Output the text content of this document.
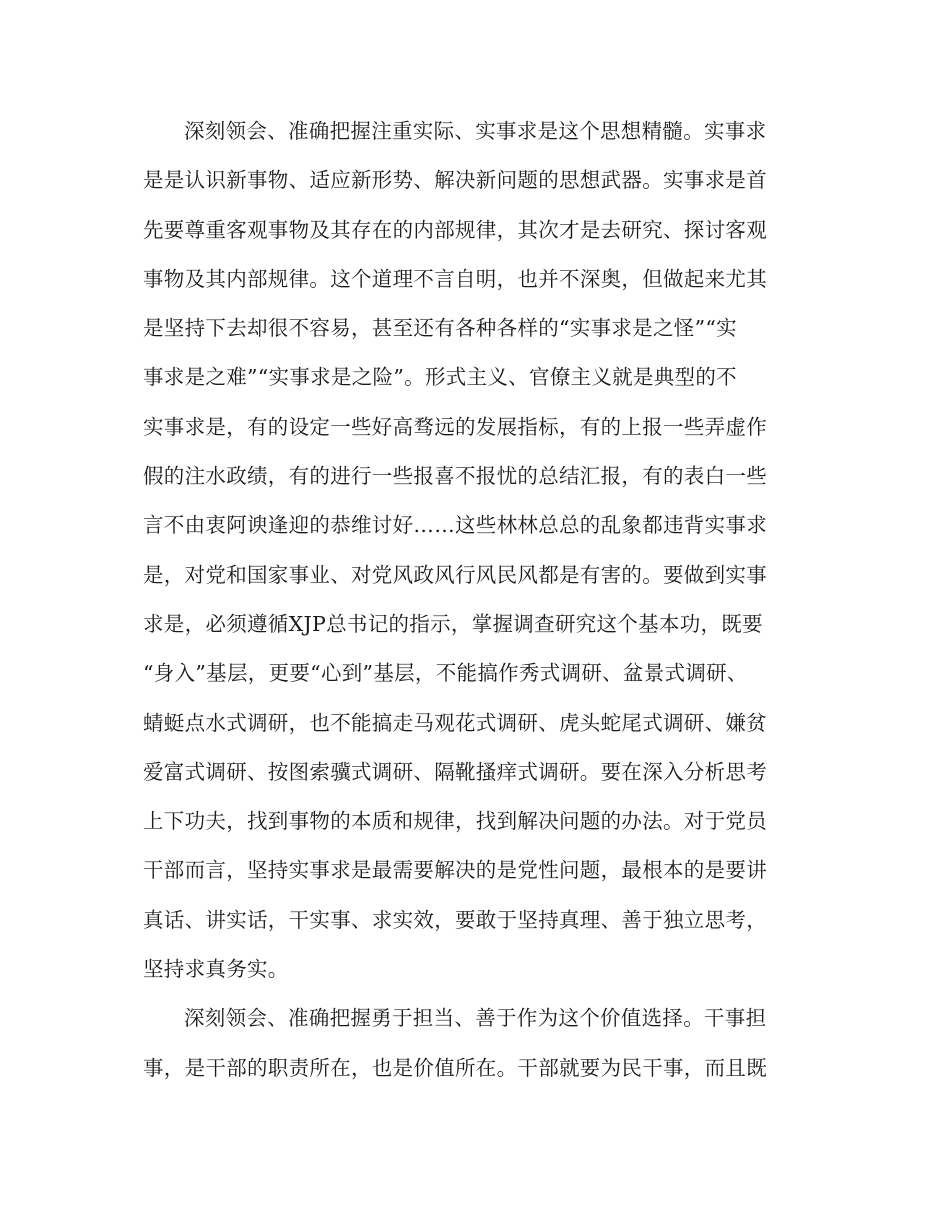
深刻领会、准确把握注重实际、实事求是这个思想精髓。实事求
是是认识新事物、适应新形势、解决新问题的思想武器。实事求是首
先要尊重客观事物及其存在的内部规律，其次才是去研究、探讨客观
事物及其内部规律。这个道理不言自明，也并不深奥，但做起来尤其
是坚持下去却很不容易，甚至还有各种各样的“实事求是之怪”“实
事求是之难”“实事求是之险”。形式主义、官僚主义就是典型的不
实事求是，有的设定一些好高骛远的发展指标，有的上报一些弄虚作
假的注水政绩，有的进行一些报喜不报忧的总结汇报，有的表白一些
言不由衷阿谀逢迎的恭维讨好……这些林林总总的乱象都违背实事求
是，对党和国家事业、对党风政风行风民风都是有害的。要做到实事
求是，必须遵循XJP总书记的指示，掌握调查研究这个基本功，既要
“身入”基层，更要“心到”基层，不能搞作秀式调研、盆景式调研、
蜻蜓点水式调研，也不能搞走马观花式调研、虎头蛇尾式调研、嫌贫
爱富式调研、按图索骥式调研、隔靴搔痒式调研。要在深入分析思考
上下功夫，找到事物的本质和规律，找到解决问题的办法。对于党员
干部而言，坚持实事求是最需要解决的是党性问题，最根本的是要讲
真话、讲实话，干实事、求实效，要敢于坚持真理、善于独立思考，
坚持求真务实。
深刻领会、准确把握勇于担当、善于作为这个价值选择。干事担
事，是干部的职责所在，也是价值所在。干部就要为民干事，而且既
